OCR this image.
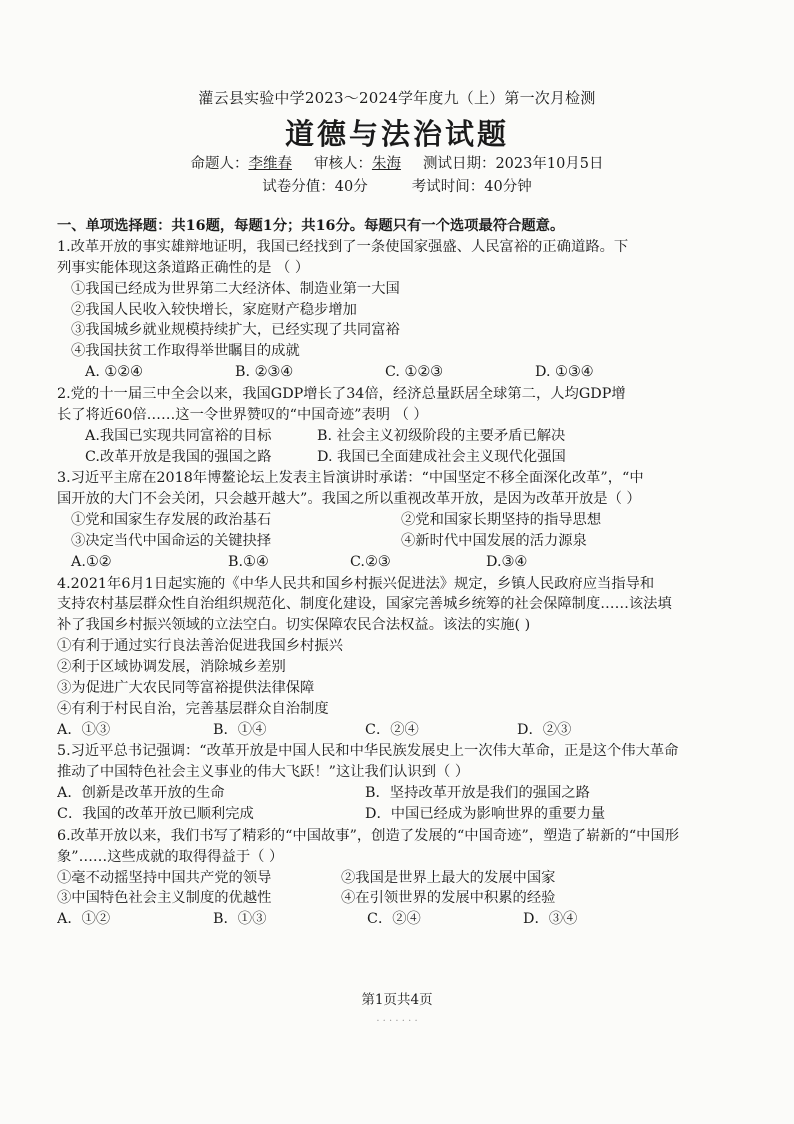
灌云县实验中学2023～2024学年度九（上）第一次月检测
道德与法治试题
命题人：李维春 审核人：朱海 测试日期：2023年10月5日
试卷分值：40分	考试时间：40分钟
一、单项选择题：共16题，每题1分；共16分。每题只有一个选项最符合题意。
1.改革开放的事实雄辩地证明，我国已经找到了一条使国家强盛、人民富裕的正确道路。下
列事实能体现这条道路正确性的是 （ ）
①我国已经成为世界第二大经济体、制造业第一大国
②我国人民收入较快增长，家庭财产稳步增加
③我国城乡就业规模持续扩大，已经实现了共同富裕
④我国扶贫工作取得举世瞩目的成就
A. ①②④	B. ②③④	C. ①②③	D. ①③④
2.党的十一届三中全会以来，我国GDP增长了34倍，经济总量跃居全球第二，人均GDP增
长了将近60倍……这一令世界赞叹的“中国奇迹”表明 （ ）
A.我国已实现共同富裕的目标	B. 社会主义初级阶段的主要矛盾已解决
C.改革开放是我国的强国之路	D. 我国已全面建成社会主义现代化强国
3.习近平主席在2018年博鳌论坛上发表主旨演讲时承诺：“中国坚定不移全面深化改革”，“中
国开放的大门不会关闭，只会越开越大”。我国之所以重视改革开放，是因为改革开放是（ ）
①党和国家生存发展的政治基石	②党和国家长期坚持的指导思想
③决定当代中国命运的关键抉择	④新时代中国发展的活力源泉
A.①②	B.①④	C.②③	D.③④
4.2021年6月1日起实施的《中华人民共和国乡村振兴促进法》规定，乡镇人民政府应当指导和
支持农村基层群众性自治组织规范化、制度化建设，国家完善城乡统筹的社会保障制度……该法填
补了我国乡村振兴领域的立法空白。切实保障农民合法权益。该法的实施( )
①有利于通过实行良法善治促进我国乡村振兴
②利于区域协调发展，消除城乡差别
③为促进广大农民同等富裕提供法律保障
④有利于村民自治，完善基层群众自治制度
A．①③	B．①④	C．②④	D．②③
5.习近平总书记强调：“改革开放是中国人民和中华民族发展史上一次伟大革命，正是这个伟大革命
推动了中国特色社会主义事业的伟大飞跃！”这让我们认识到（ ）
A．创新是改革开放的生命	B．坚持改革开放是我们的强国之路
C．我国的改革开放已顺利完成	D．中国已经成为影响世界的重要力量
6.改革开放以来，我们书写了精彩的“中国故事”，创造了发展的“中国奇迹”，塑造了崭新的“中国形
象”……这些成就的取得得益于（ ）
①毫不动摇坚持中国共产党的领导	②我国是世界上最大的发展中国家
③中国特色社会主义制度的优越性	④在引领世界的发展中积累的经验
A．①②	B．①③	C．②④	D．③④
第1页共4页
· · · · · · ·
